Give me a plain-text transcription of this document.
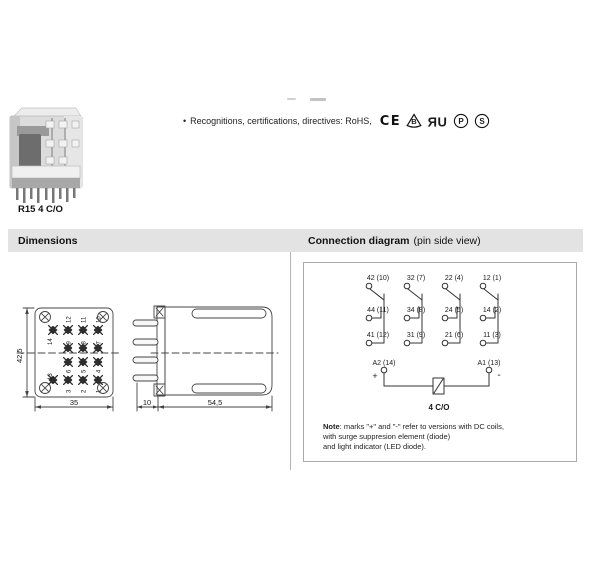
R15 4 C/O
• Recognitions, certifications, directives: RoHS, CE B R U P S
Dimensions	Connection diagram (pin side view)
12 11 10
14 9 8 7
6 5 4
13
3 2 1
42,5
35	10	54,5
42 (10)
44 (11)
41 (12)
32 (7)
34 (8)
31 (9)
22 (4)
24 (5)
21 (6)
12 (1)
14 (2)
11 (3)
A2 (14)	A1 (13)
+	-
4 C/O
Note: marks "+" and "-" refer to versions with DC coils,
with surge suppresion element (diode)
and light indicator (LED diode).
